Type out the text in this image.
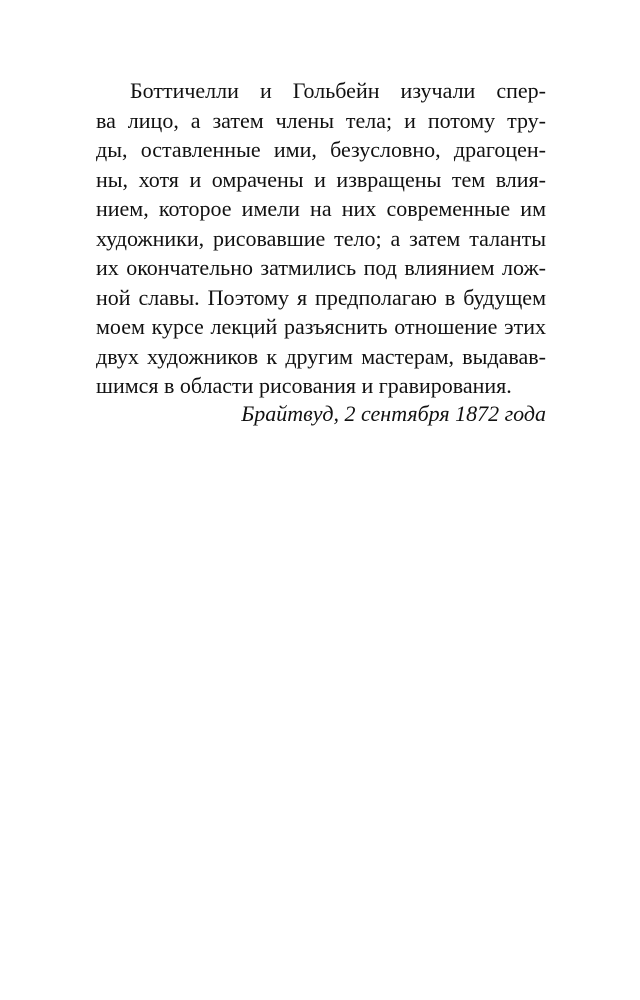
Боттичелли и Гольбейн изучали спер-
ва лицо, а затем члены тела; и потому тру-
ды, оставленные ими, безусловно, драгоцен-
ны, хотя и омрачены и извращены тем влия-
нием, которое имели на них современные им
художники, рисовавшие тело; а затем таланты
их окончательно затмились под влиянием лож-
ной славы. Поэтому я предполагаю в будущем
моем курсе лекций разъяснить отношение этих
двух художников к другим мастерам, выдавав-
шимся в области рисования и гравирования.
Брайтвуд, 2 сентября 1872 года
